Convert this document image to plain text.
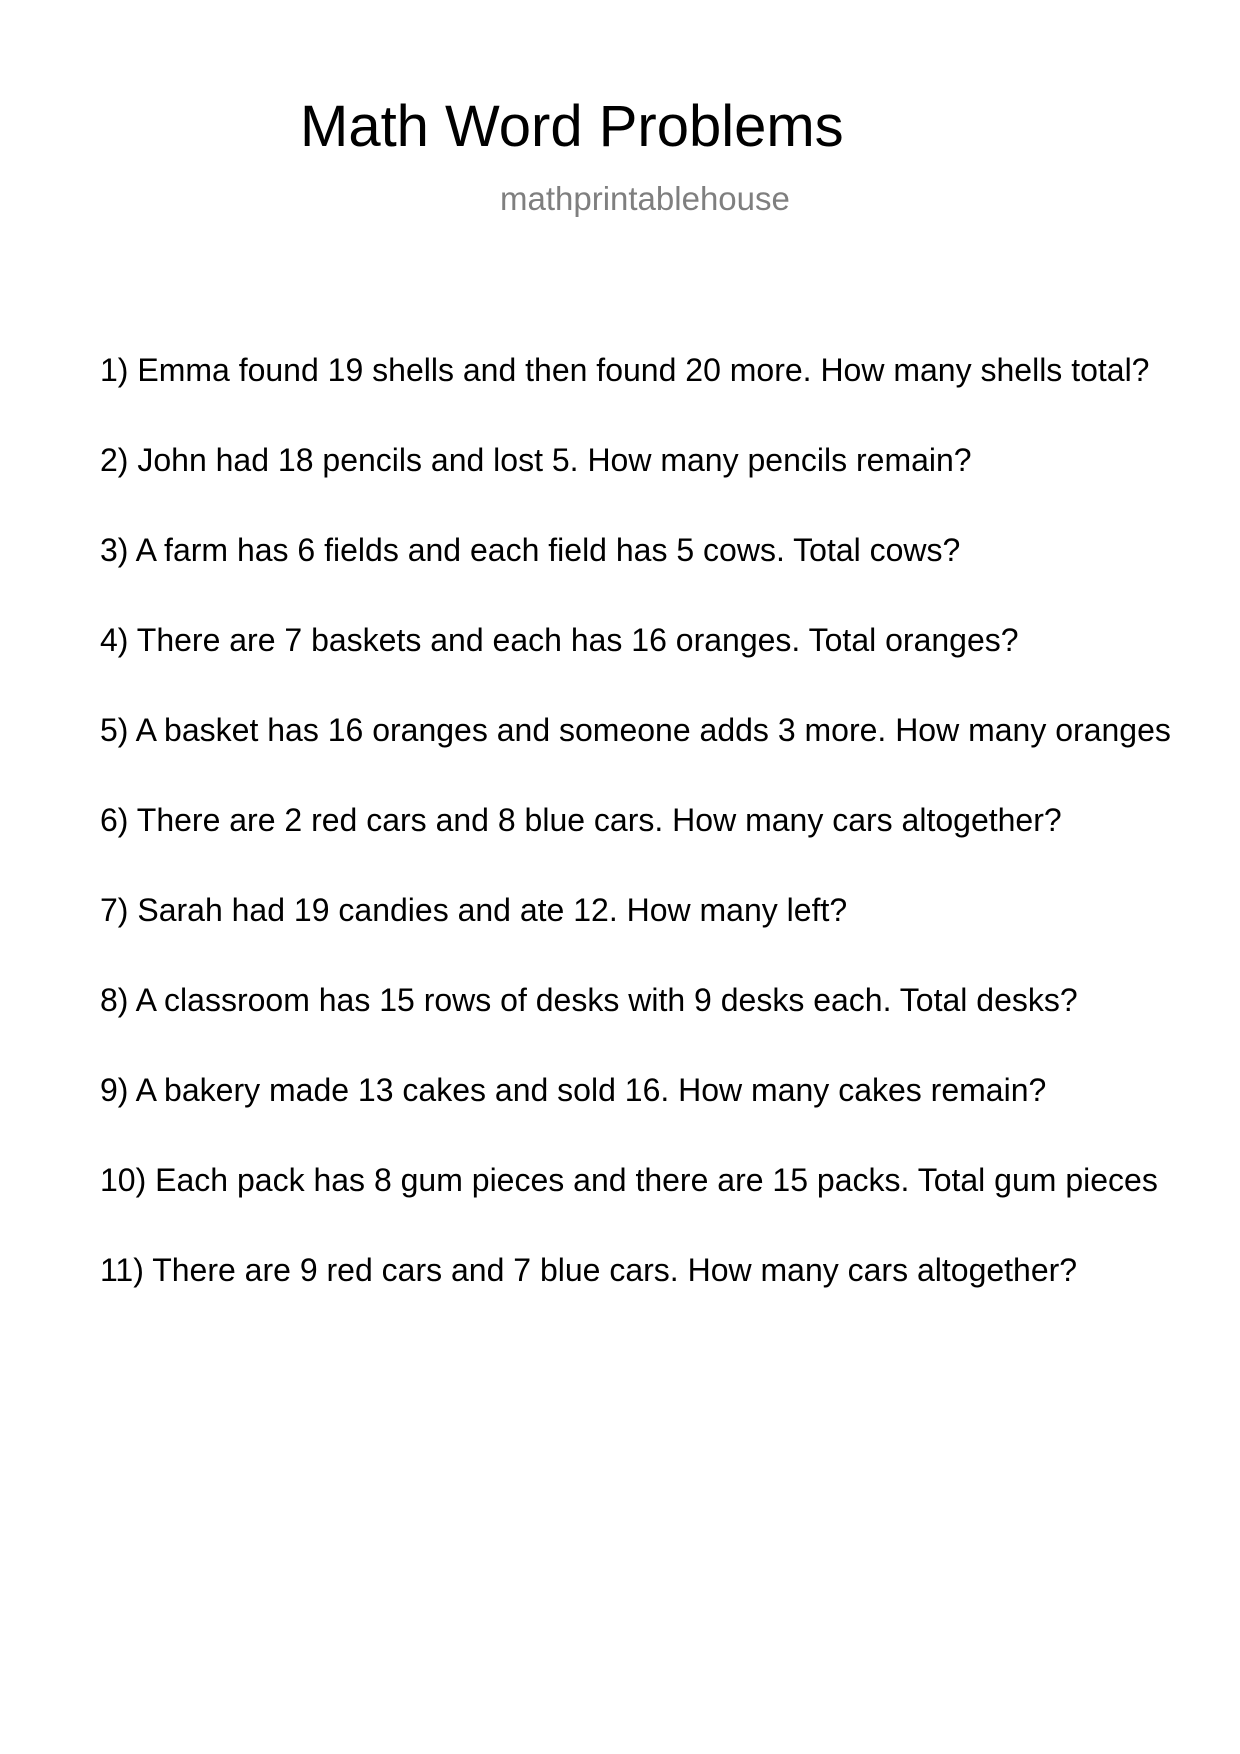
Math Word Problems
mathprintablehouse
1) Emma found 19 shells and then found 20 more. How many shells total?
2) John had 18 pencils and lost 5. How many pencils remain?
3) A farm has 6 fields and each field has 5 cows. Total cows?
4) There are 7 baskets and each has 16 oranges. Total oranges?
5) A basket has 16 oranges and someone adds 3 more. How many oranges
6) There are 2 red cars and 8 blue cars. How many cars altogether?
7) Sarah had 19 candies and ate 12. How many left?
8) A classroom has 15 rows of desks with 9 desks each. Total desks?
9) A bakery made 13 cakes and sold 16. How many cakes remain?
10) Each pack has 8 gum pieces and there are 15 packs. Total gum pieces
11) There are 9 red cars and 7 blue cars. How many cars altogether?
